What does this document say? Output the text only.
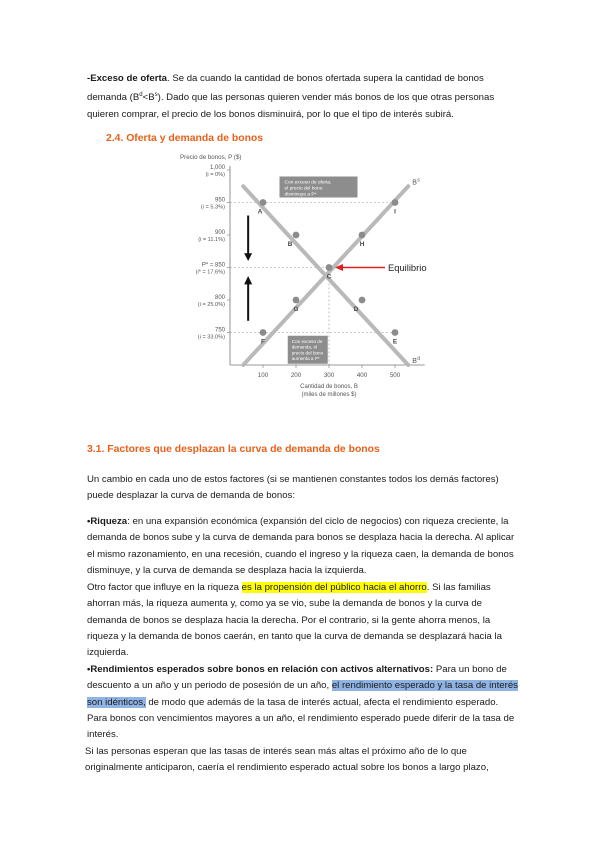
-Exceso de oferta. Se da cuando la cantidad de bonos ofertada supera la cantidad de bonos demanda $(B^d<B^s)$. Dado que las personas quieren vender más bonos de los que otras personas quieren comprar, el precio de los bonos disminuirá, por lo que el tipo de interés subirá.

2.4. Oferta y demanda de bonos

Precio de bonos, P ($)
1,000
(i = 0%)
950
(i = 5.3%)
900
(i = 11.1%)
P* = 850
(i* = 17.6%)
800
(i = 25.0%)
750
(i = 33.0%)
100	200	300	400	500
Cantidad de bonos, B
(miles de millones $)
B s
B d
A
B
C
D
E
F
G
H
I
Con exceso de oferta,
el precio del bono
disminuye a P*
Con exceso de
demanda, el
precio del bono
aumenta a P*
Equilibrio

3.1. Factores que desplazan la curva de demanda de bonos

Un cambio en cada uno de estos factores (si se mantienen constantes todos los demás factores) puede desplazar la curva de demanda de bonos:

•Riqueza: en una expansión económica (expansión del ciclo de negocios) con riqueza creciente, la demanda de bonos sube y la curva de demanda para bonos se desplaza hacia la derecha. Al aplicar el mismo razonamiento, en una recesión, cuando el ingreso y la riqueza caen, la demanda de bonos disminuye, y la curva de demanda se desplaza hacia la izquierda.

Otro factor que influye en la riqueza es la propensión del público hacia el ahorro. Si las familias ahorran más, la riqueza aumenta y, como ya se vio, sube la demanda de bonos y la curva de demanda de bonos se desplaza hacia la derecha. Por el contrario, si la gente ahorra menos, la riqueza y la demanda de bonos caerán, en tanto que la curva de demanda se desplazará hacia la izquierda.

•Rendimientos esperados sobre bonos en relación con activos alternativos: Para un bono de descuento a un año y un periodo de posesión de un año, el rendimiento esperado y la tasa de interés son idénticos, de modo que además de la tasa de interés actual, afecta el rendimiento esperado. Para bonos con vencimientos mayores a un año, el rendimiento esperado puede diferir de la tasa de interés.

Si las personas esperan que las tasas de interés sean más altas el próximo año de lo que originalmente anticiparon, caería el rendimiento esperado actual sobre los bonos a largo plazo,
